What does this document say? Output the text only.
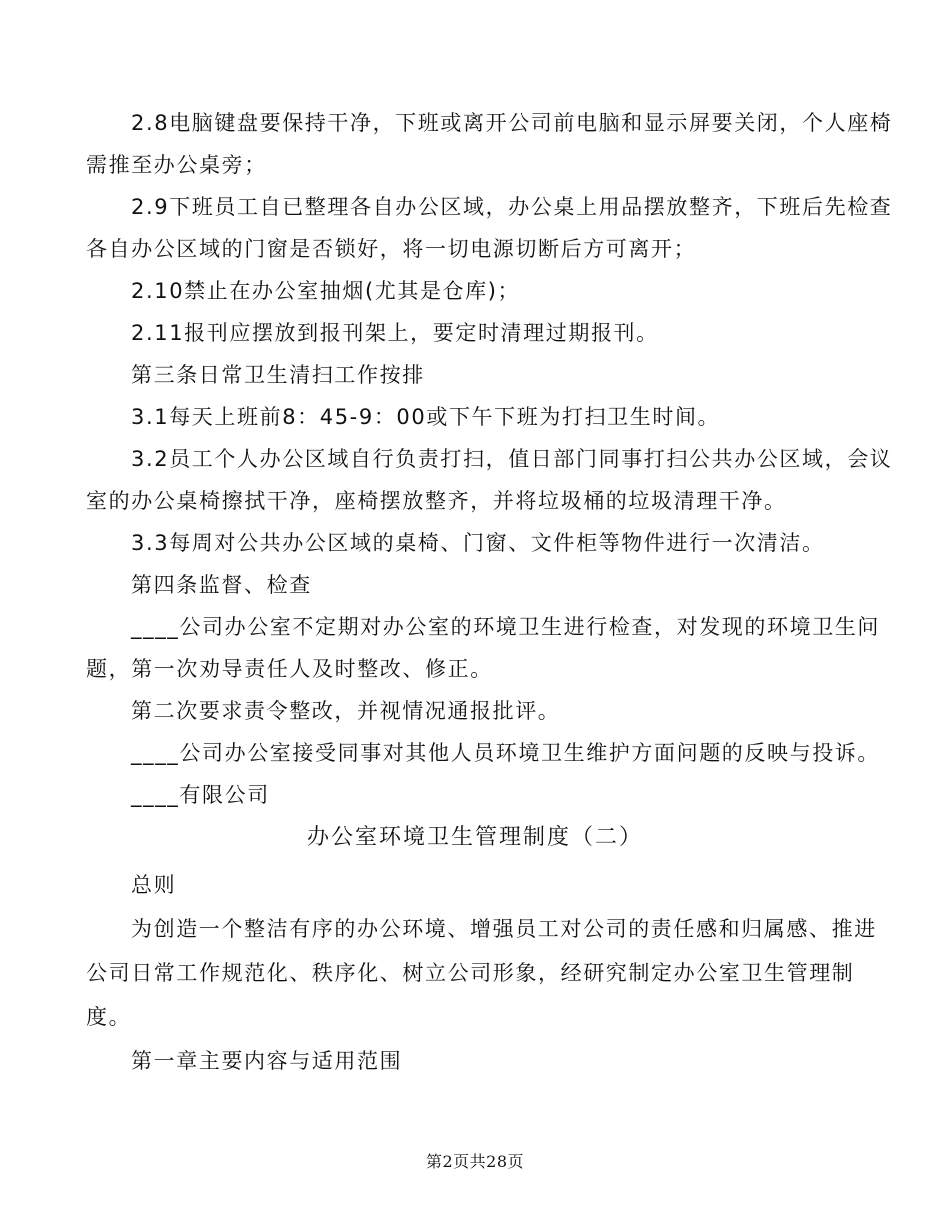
2.8电脑键盘要保持干净，下班或离开公司前电脑和显示屏要关闭，个人座椅
需推至办公桌旁；
2.9下班员工自已整理各自办公区域，办公桌上用品摆放整齐，下班后先检查
各自办公区域的门窗是否锁好，将一切电源切断后方可离开；
2.10禁止在办公室抽烟(尤其是仓库)；
2.11报刊应摆放到报刊架上，要定时清理过期报刊。
第三条日常卫生清扫工作按排
3.1每天上班前8：45-9：00或下午下班为打扫卫生时间。
3.2员工个人办公区域自行负责打扫，值日部门同事打扫公共办公区域，会议
室的办公桌椅擦拭干净，座椅摆放整齐，并将垃圾桶的垃圾清理干净。
3.3每周对公共办公区域的桌椅、门窗、文件柜等物件进行一次清洁。
第四条监督、检查
____公司办公室不定期对办公室的环境卫生进行检查，对发现的环境卫生问
题，第一次劝导责任人及时整改、修正。
第二次要求责令整改，并视情况通报批评。
____公司办公室接受同事对其他人员环境卫生维护方面问题的反映与投诉。
____有限公司
办公室环境卫生管理制度（二）
总则
为创造一个整洁有序的办公环境、增强员工对公司的责任感和归属感、推进
公司日常工作规范化、秩序化、树立公司形象，经研究制定办公室卫生管理制
度。
第一章主要内容与适用范围
第2页共28页
